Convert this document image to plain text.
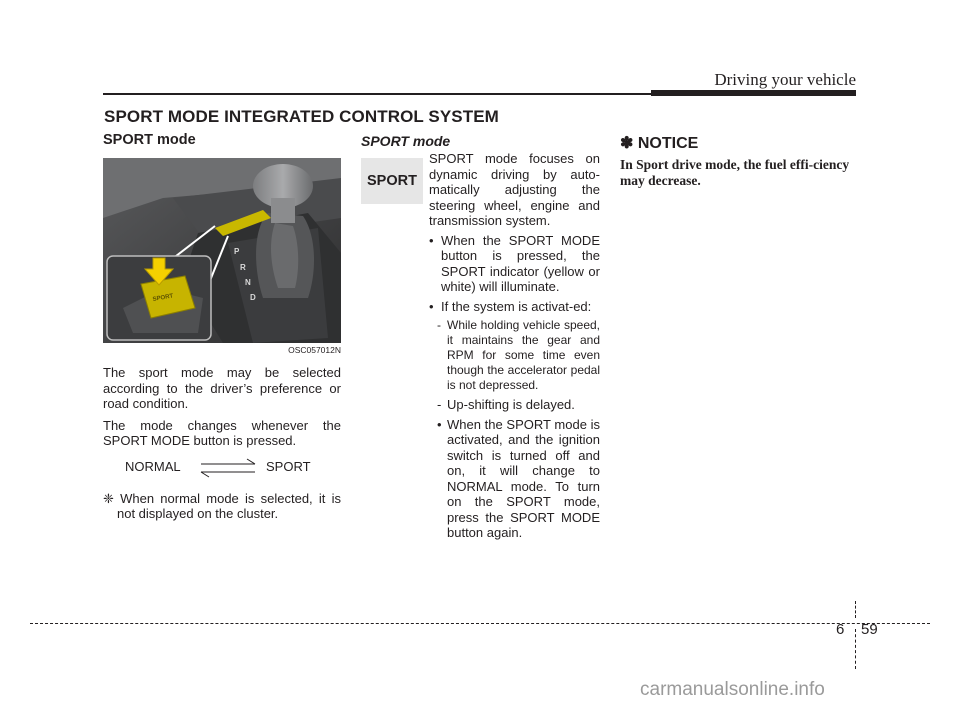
Driving your vehicle
SPORT MODE INTEGRATED CONTROL SYSTEM
SPORT mode
P
R
N
D
SPORT
OSC057012N

The sport mode may be selected according to the driver’s preference or road condition.

The mode changes whenever the SPORT MODE button is pressed.

NORMAL	SPORT

❈ When normal mode is selected, it is not displayed on the cluster.

SPORT mode
SPORT

SPORT mode focuses on dynamic driving by auto-matically adjusting the steering wheel, engine and transmission system.

• When the SPORT MODE button is pressed, the SPORT indicator (yellow or white) will illuminate.
• If the system is activat-ed:
- While holding vehicle speed, it maintains the gear and RPM for some time even though the accelerator pedal is not depressed.
- Up-shifting is delayed.
• When the SPORT mode is activated, and the ignition switch is turned off and on, it will change to NORMAL mode. To turn on the SPORT mode, press the SPORT MODE button again.
✽ NOTICE
In Sport drive mode, the fuel effi-ciency may decrease.
6 59
carmanualsonline.info
